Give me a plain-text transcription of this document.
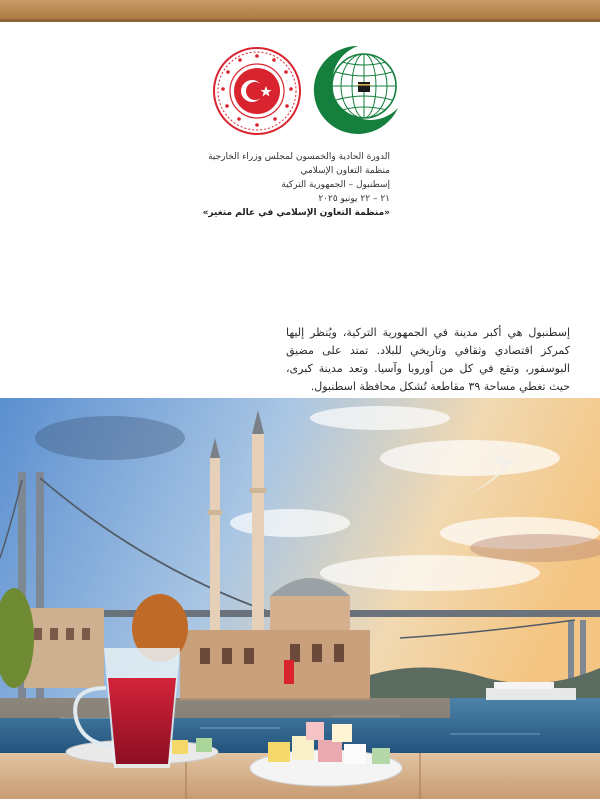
الدورة الحادية والخمسون لمجلس وزراء الخارجية
منظمة التعاون الإسلامي
إسطنبول – الجمهورية التركية
٢١ – ٢٢ يونيو ٢٠٢٥
«منظمة التعاون الإسلامي في عالم متغير»

إسطنبول هي أكبر مدينة في الجمهورية التركية، ويُنظر إليها كمركز اقتصادي وثقافي وتاريخي للبلاد. تمتد على مضيق البوسفور، وتقع في كل من أوروبا وآسيا. وتعد مدينة كبرى، حيث تغطي مساحة ٣٩ مقاطعة تُشكل محافظة اسطنبول.
